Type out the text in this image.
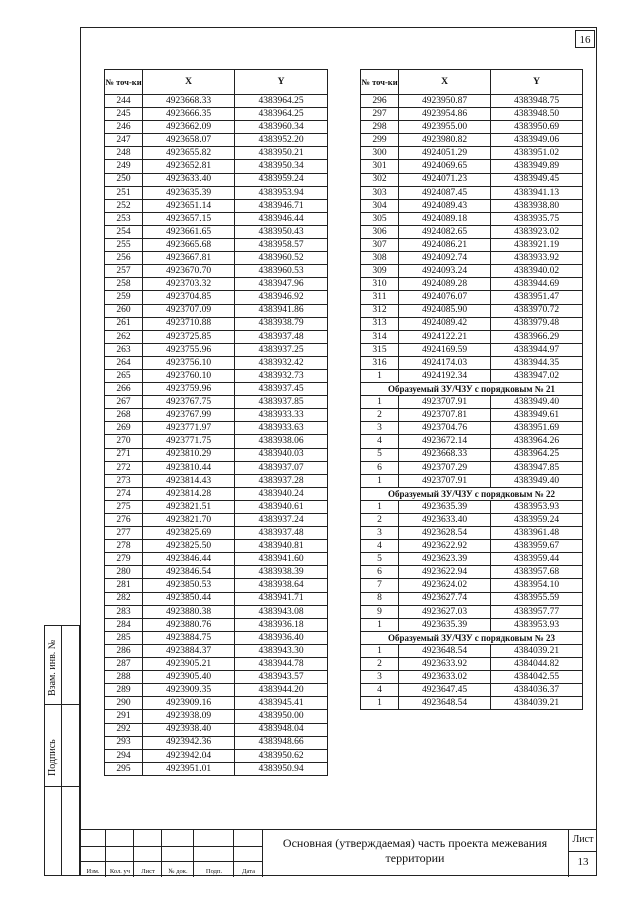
16
№ точ-ки	X	Y
244	4923668.33	4383964.25
245	4923666.35	4383964.25
246	4923662.09	4383960.34
247	4923658.07	4383952.20
248	4923655.82	4383950.21
249	4923652.81	4383950.34
250	4923633.40	4383959.24
251	4923635.39	4383953.94
252	4923651.14	4383946.71
253	4923657.15	4383946.44
254	4923661.65	4383950.43
255	4923665.68	4383958.57
256	4923667.81	4383960.52
257	4923670.70	4383960.53
258	4923703.32	4383947.96
259	4923704.85	4383946.92
260	4923707.09	4383941.86
261	4923710.88	4383938.79
262	4923725.85	4383937.48
263	4923755.96	4383937.25
264	4923756.10	4383932.42
265	4923760.10	4383932.73
266	4923759.96	4383937.45
267	4923767.75	4383937.85
268	4923767.99	4383933.33
269	4923771.97	4383933.63
270	4923771.75	4383938.06
271	4923810.29	4383940.03
272	4923810.44	4383937.07
273	4923814.43	4383937.28
274	4923814.28	4383940.24
275	4923821.51	4383940.61
276	4923821.70	4383937.24
277	4923825.69	4383937.48
278	4923825.50	4383940.81
279	4923846.44	4383941.60
280	4923846.54	4383938.39
281	4923850.53	4383938.64
282	4923850.44	4383941.71
283	4923880.38	4383943.08
284	4923880.76	4383936.18
285	4923884.75	4383936.40
286	4923884.37	4383943.30
287	4923905.21	4383944.78
288	4923905.40	4383943.57
289	4923909.35	4383944.20
290	4923909.16	4383945.41
291	4923938.09	4383950.00
292	4923938.40	4383948.04
293	4923942.36	4383948.66
294	4923942.04	4383950.62
295	4923951.01	4383950.94
№ точ-ки	X	Y
296	4923950.87	4383948.75
297	4923954.86	4383948.50
298	4923955.00	4383950.69
299	4923980.82	4383949.06
300	4924051.29	4383951.02
301	4924069.65	4383949.89
302	4924071.23	4383949.45
303	4924087.45	4383941.13
304	4924089.43	4383938.80
305	4924089.18	4383935.75
306	4924082.65	4383923.02
307	4924086.21	4383921.19
308	4924092.74	4383933.92
309	4924093.24	4383940.02
310	4924089.28	4383944.69
311	4924076.07	4383951.47
312	4924085.90	4383970.72
313	4924089.42	4383979.48
314	4924122.21	4383966.29
315	4924169.59	4383944.97
316	4924174.03	4383944.35
1	4924192.34	4383947.02
Образуемый ЗУ/ЧЗУ с порядковым № 21		
1	4923707.91	4383949.40
2	4923707.81	4383949.61
3	4923704.76	4383951.69
4	4923672.14	4383964.26
5	4923668.33	4383964.25
6	4923707.29	4383947.85
1	4923707.91	4383949.40
Образуемый ЗУ/ЧЗУ с порядковым № 22		
1	4923635.39	4383953.93
2	4923633.40	4383959.24
3	4923628.54	4383961.48
4	4923622.92	4383959.67
5	4923623.39	4383959.44
6	4923622.94	4383957.68
7	4923624.02	4383954.10
8	4923627.74	4383955.59
9	4923627.03	4383957.77
1	4923635.39	4383953.93
Образуемый ЗУ/ЧЗУ с порядковым № 23		
1	4923648.54	4384039.21
2	4923633.92	4384044.82
3	4923633.02	4384042.55
4	4923647.45	4384036.37
1	4923648.54	4384039.21
Взам. инв. №
Подпись
Изм.	Кол. уч	Лист	№ док.	Подп.	Дата
Основная (утверждаемая) часть проекта межевания территории
Лист
13
